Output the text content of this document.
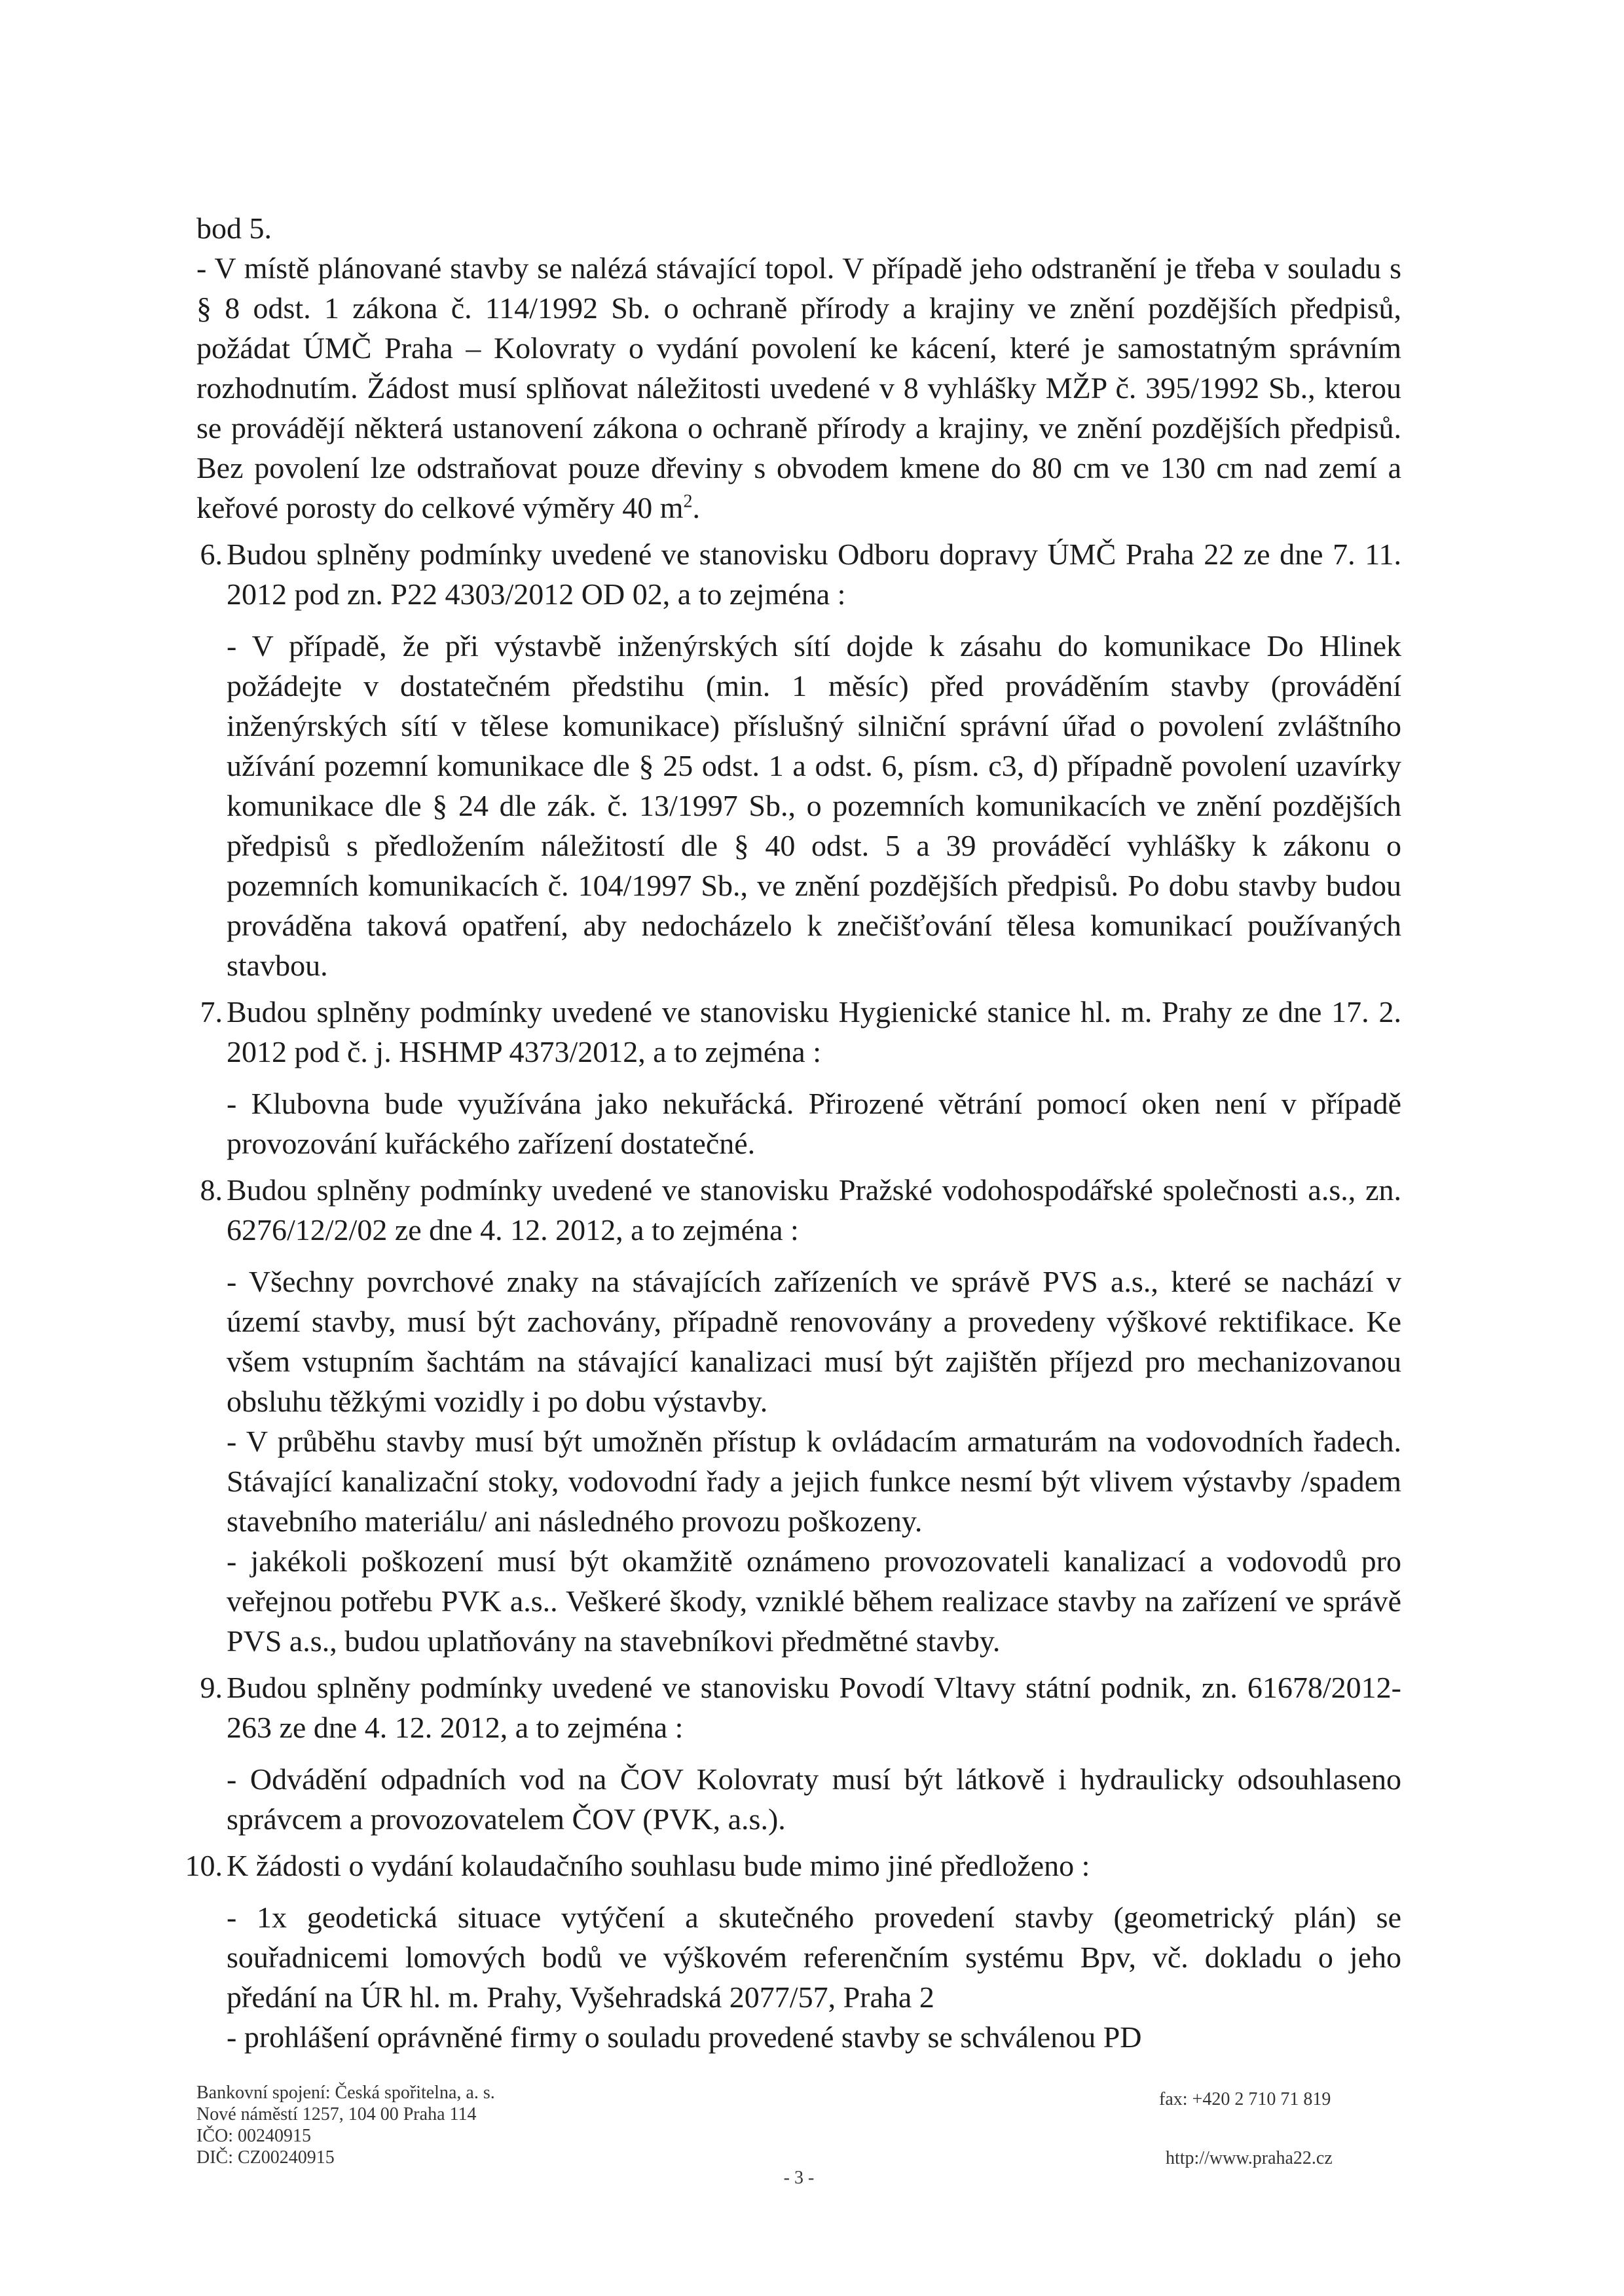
bod 5.

- V místě plánované stavby se nalézá stávající topol. V případě jeho odstranění je třeba v souladu s § 8 odst. 1 zákona č. 114/1992 Sb. o ochraně přírody a krajiny ve znění pozdějších předpisů, požádat ÚMČ Praha – Kolovraty o vydání povolení ke kácení, které je samostatným správním rozhodnutím. Žádost musí splňovat náležitosti uvedené v 8 vyhlášky MŽP č. 395/1992 Sb., kterou se provádějí některá ustanovení zákona o ochraně přírody a krajiny, ve znění pozdějších předpisů. Bez povolení lze odstraňovat pouze dřeviny s obvodem kmene do 80 cm ve 130 cm nad zemí a keřové porosty do celkové výměry 40 $m^2$.

6. Budou splněny podmínky uvedené ve stanovisku Odboru dopravy ÚMČ Praha 22 ze dne 7. 11. 2012 pod zn. P22 4303/2012 OD 02, a to zejména :

- V případě, že při výstavbě inženýrských sítí dojde k zásahu do komunikace Do Hlinek požádejte v dostatečném předstihu (min. 1 měsíc) před prováděním stavby (provádění inženýrských sítí v tělese komunikace) příslušný silniční správní úřad o povolení zvláštního užívání pozemní komunikace dle § 25 odst. 1 a odst. 6, písm. c3, d) případně povolení uzavírky komunikace dle § 24 dle zák. č. 13/1997 Sb., o pozemních komunikacích ve znění pozdějších předpisů s předložením náležitostí dle § 40 odst. 5 a 39 prováděcí vyhlášky k zákonu o pozemních komunikacích č. 104/1997 Sb., ve znění pozdějších předpisů. Po dobu stavby budou prováděna taková opatření, aby nedocházelo k znečišťování tělesa komunikací používaných stavbou.

7. Budou splněny podmínky uvedené ve stanovisku Hygienické stanice hl. m. Prahy ze dne 17. 2. 2012 pod č. j. HSHMP 4373/2012, a to zejména :

- Klubovna bude využívána jako nekuřácká. Přirozené větrání pomocí oken není v případě provozování kuřáckého zařízení dostatečné.

8. Budou splněny podmínky uvedené ve stanovisku Pražské vodohospodářské společnosti a.s., zn. 6276/12/2/02 ze dne 4. 12. 2012, a to zejména :

- Všechny povrchové znaky na stávajících zařízeních ve správě PVS a.s., které se nachází v území stavby, musí být zachovány, případně renovovány a provedeny výškové rektifikace. Ke všem vstupním šachtám na stávající kanalizaci musí být zajištěn příjezd pro mechanizovanou obsluhu těžkými vozidly i po dobu výstavby.

- V průběhu stavby musí být umožněn přístup k ovládacím armaturám na vodovodních řadech. Stávající kanalizační stoky, vodovodní řady a jejich funkce nesmí být vlivem výstavby /spadem stavebního materiálu/ ani následného provozu poškozeny.

- jakékoli poškození musí být okamžitě oznámeno provozovateli kanalizací a vodovodů pro veřejnou potřebu PVK a.s.. Veškeré škody, vzniklé během realizace stavby na zařízení ve správě PVS a.s., budou uplatňovány na stavebníkovi předmětné stavby.

9. Budou splněny podmínky uvedené ve stanovisku Povodí Vltavy státní podnik, zn. 61678/2012-263 ze dne 4. 12. 2012, a to zejména :

- Odvádění odpadních vod na ČOV Kolovraty musí být látkově i hydraulicky odsouhlaseno správcem a provozovatelem ČOV (PVK, a.s.).

10. K žádosti o vydání kolaudačního souhlasu bude mimo jiné předloženo :

- 1x geodetická situace vytýčení a skutečného provedení stavby (geometrický plán) se souřadnicemi lomových bodů ve výškovém referenčním systému Bpv, vč. dokladu o jeho předání na ÚR hl. m. Prahy, Vyšehradská 2077/57, Praha 2

- prohlášení oprávněné firmy o souladu provedené stavby se schválenou PD

Bankovní spojení: Česká spořitelna, a. s.

Nové náměstí 1257, 104 00 Praha 114

IČO: 00240915

DIČ: CZ00240915

- 3 -

fax: +420 2 710 71 819

http://www.praha22.cz
